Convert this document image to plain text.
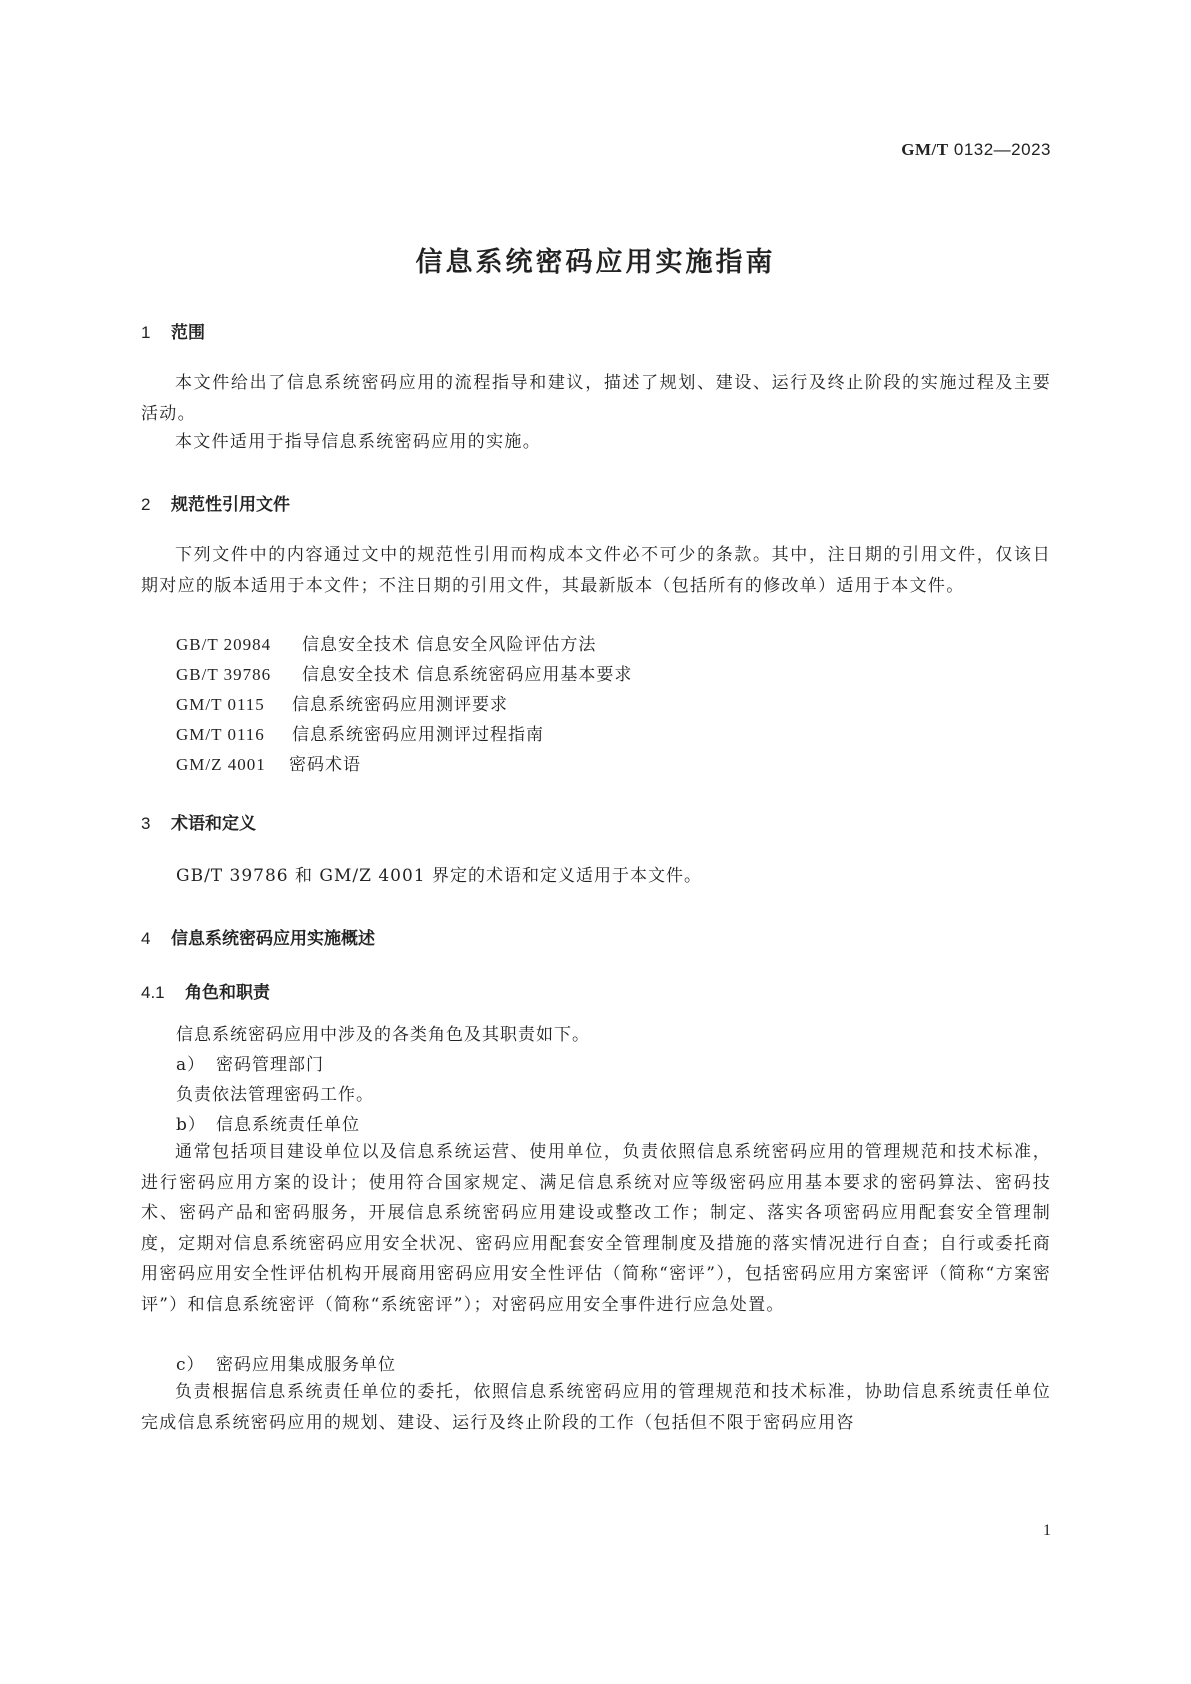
GM/T 0132—2023
信息系统密码应用实施指南
1 范围
本文件给出了信息系统密码应用的流程指导和建议，描述了规划、建设、运行及终止阶段的实施过程及主要活动。
本文件适用于指导信息系统密码应用的实施。
2 规范性引用文件
下列文件中的内容通过文中的规范性引用而构成本文件必不可少的条款。其中，注日期的引用文件，仅该日期对应的版本适用于本文件；不注日期的引用文件，其最新版本（包括所有的修改单）适用于本文件。
GB/T 20984 信息安全技术 信息安全风险评估方法
GB/T 39786 信息安全技术 信息系统密码应用基本要求
GM/T 0115 信息系统密码应用测评要求
GM/T 0116 信息系统密码应用测评过程指南
GM/Z 4001 密码术语
3 术语和定义
GB/T 39786 和 GM/Z 4001 界定的术语和定义适用于本文件。
4 信息系统密码应用实施概述
4.1 角色和职责
信息系统密码应用中涉及的各类角色及其职责如下。
a） 密码管理部门
负责依法管理密码工作。
b） 信息系统责任单位
通常包括项目建设单位以及信息系统运营、使用单位，负责依照信息系统密码应用的管理规范和技术标准，进行密码应用方案的设计；使用符合国家规定、满足信息系统对应等级密码应用基本要求的密码算法、密码技术、密码产品和密码服务，开展信息系统密码应用建设或整改工作；制定、落实各项密码应用配套安全管理制度，定期对信息系统密码应用安全状况、密码应用配套安全管理制度及措施的落实情况进行自查；自行或委托商用密码应用安全性评估机构开展商用密码应用安全性评估（简称“密评”），包括密码应用方案密评（简称“方案密评”）和信息系统密评（简称“系统密评”）；对密码应用安全事件进行应急处置。
c） 密码应用集成服务单位
负责根据信息系统责任单位的委托，依照信息系统密码应用的管理规范和技术标准，协助信息系统责任单位完成信息系统密码应用的规划、建设、运行及终止阶段的工作（包括但不限于密码应用咨
1
